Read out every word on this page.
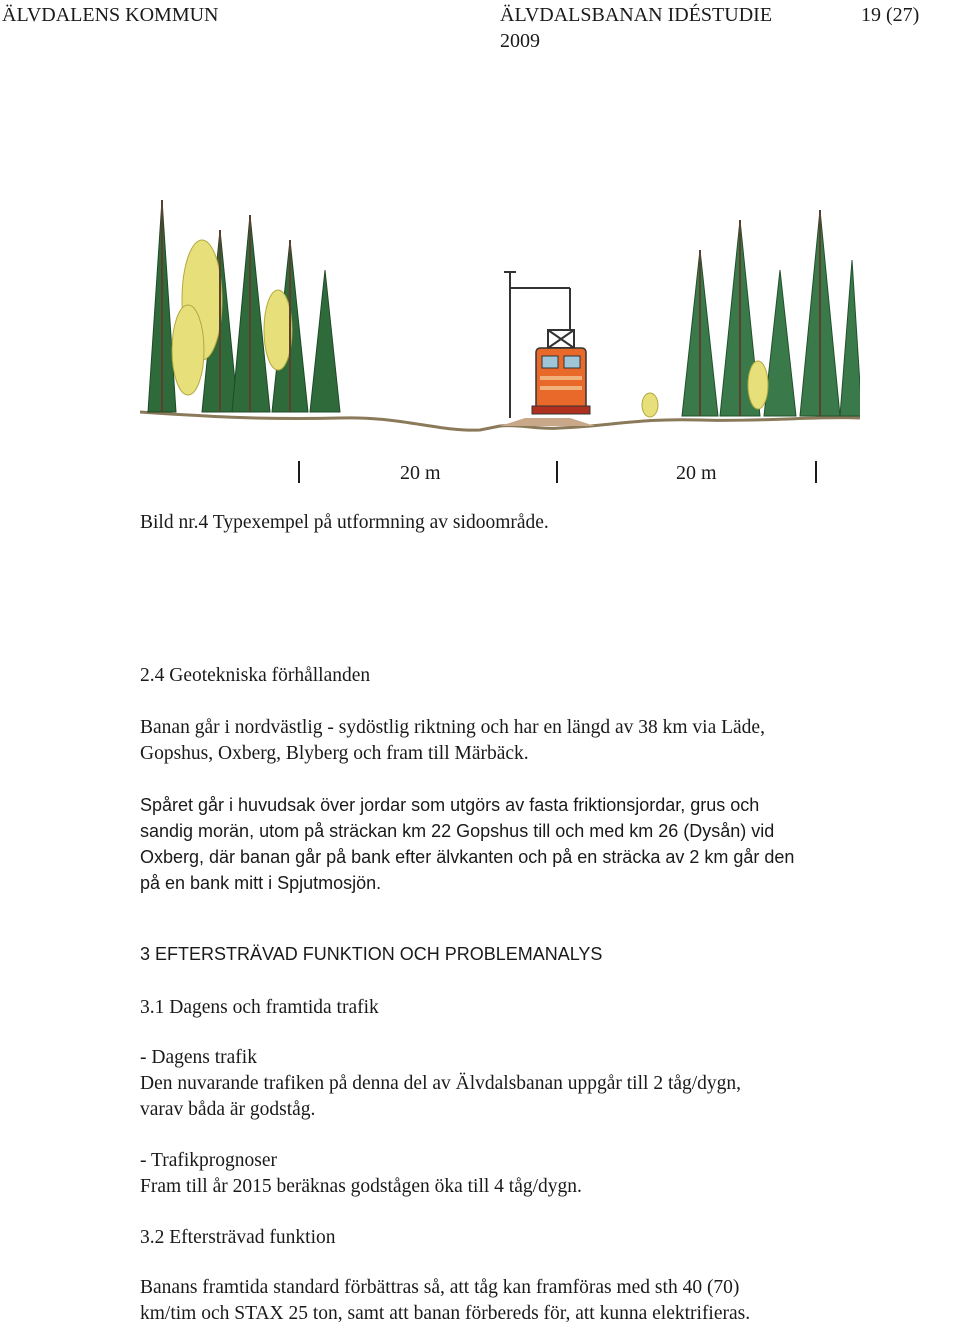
ÄLVDALENS KOMMUN	ÄLVDALSBANAN IDÉSTUDIE
2009
19 (27)
20 m	20 m
Bild nr.4 Typexempel på utformning av sidoområde.
2.4 Geotekniska förhållanden
Banan går i nordvästlig - sydöstlig riktning och har en längd av 38 km via Läde,
Gopshus, Oxberg, Blyberg och fram till Märbäck.
Spåret går i huvudsak över jordar som utgörs av fasta friktionsjordar, grus och
sandig morän, utom på sträckan km 22 Gopshus till och med km 26 (Dysån) vid
Oxberg, där banan går på bank efter älvkanten och på en sträcka av 2 km går den
på en bank mitt i Spjutmosjön.
3 EFTERSTRÄVAD FUNKTION OCH PROBLEMANALYS
3.1 Dagens och framtida trafik
- Dagens trafik
Den nuvarande trafiken på denna del av Älvdalsbanan uppgår till 2 tåg/dygn,
varav båda är godståg.
- Trafikprognoser
Fram till år 2015 beräknas godstågen öka till 4 tåg/dygn.
3.2 Eftersträvad funktion
Banans framtida standard förbättras så, att tåg kan framföras med sth 40 (70)
km/tim och STAX 25 ton, samt att banan förbereds för, att kunna elektrifieras.
